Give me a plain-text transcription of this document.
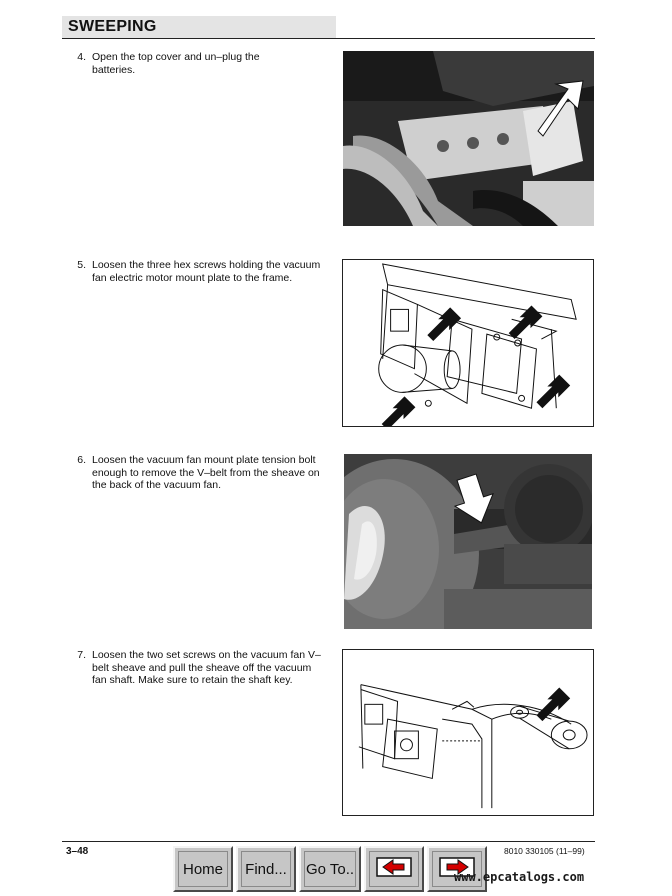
SWEEPING
4. Open the top cover and un–plug the batteries.
5. Loosen the three hex screws holding the vacuum fan electric motor mount plate to the frame.
6. Loosen the vacuum fan mount plate tension bolt enough to remove the V–belt from the sheave on the back of the vacuum fan.
7. Loosen the two set screws on the vacuum fan V–belt sheave and pull the sheave off the vacuum fan shaft. Make sure to retain the shaft key.
3–48	8010 330105 (11–99)
Home Find... Go To..	www.epcatalogs.com
